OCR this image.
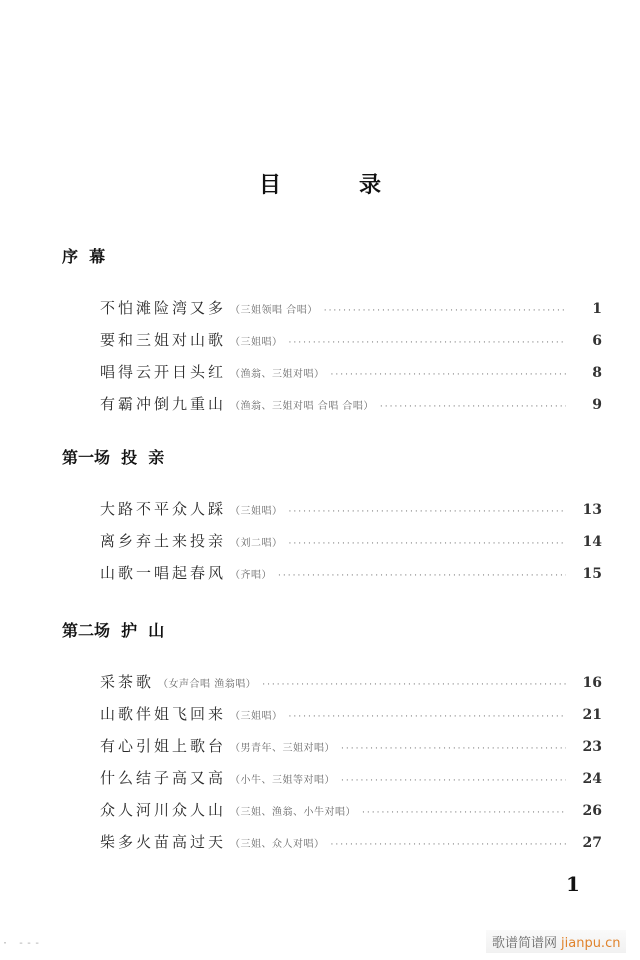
目	录
序  幕
不怕滩险湾又多 （三姐领唱 合唱） ·····	1
要和三姐对山歌 （三姐唱） ·····	6
唱得云开日头红 （渔翁、三姐对唱） ·····	8
有霸冲倒九重山 （渔翁、三姐对唱 合唱 合唱） ·····	9
第一场  投  亲
大路不平众人踩 （三姐唱） ·····	13
离乡弃土来投亲 （刘二唱） ·····	14
山歌一唱起春风 （齐唱） ·····	15
第二场  护  山
采茶歌 （女声合唱 渔翁唱） ·····	16
山歌伴姐飞回来 （三姐唱） ·····	21
有心引姐上歌台 （男青年、三姐对唱） ·····	23
什么结子高又高 （小牛、三姐等对唱） ·····	24
众人河川众人山 （三姐、渔翁、小牛对唱） ·····	26
柴多火苗高过天 （三姐、众人对唱） ·····	27
1
· ---	歌谱简谱网 jianpu.cn
